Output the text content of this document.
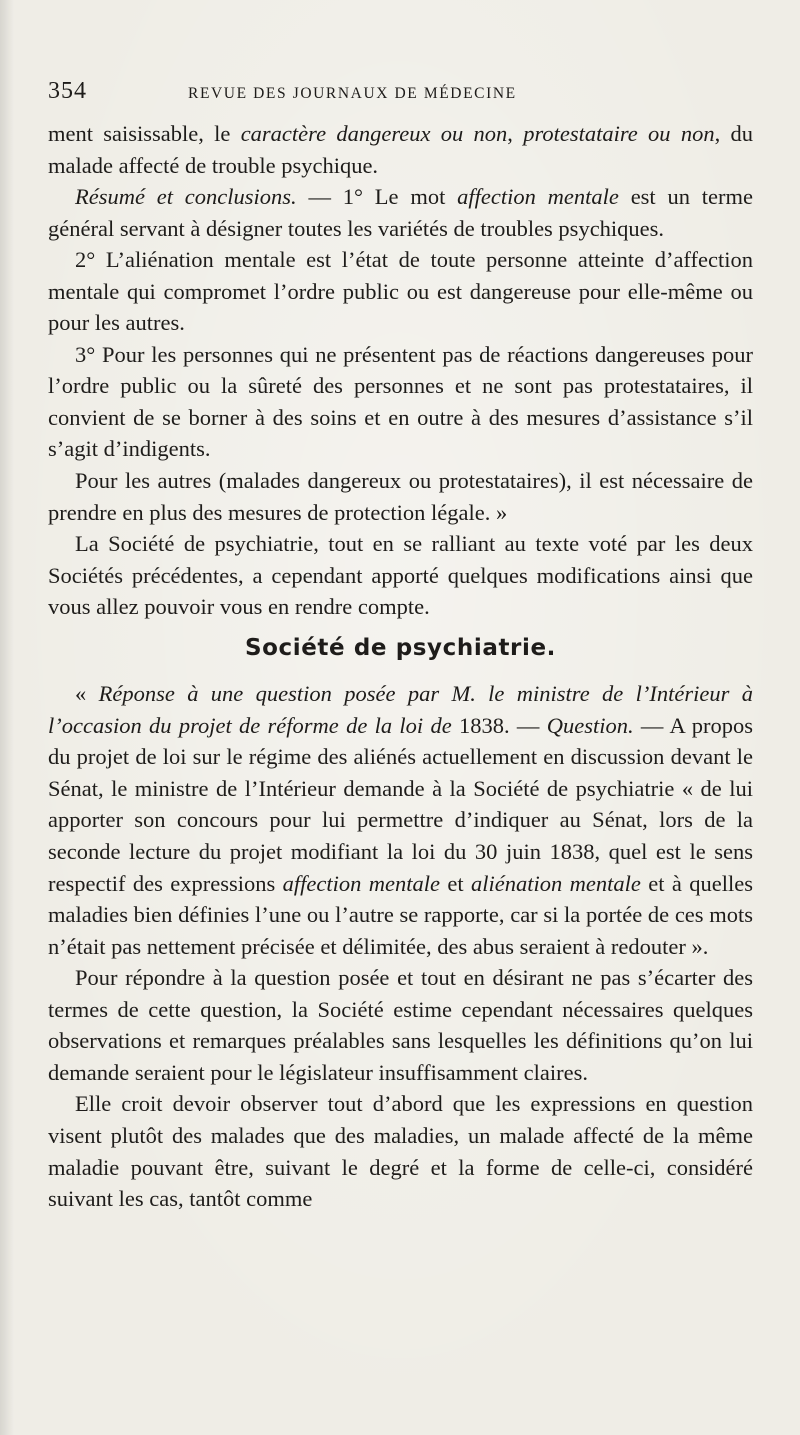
354	REVUE DES JOURNAUX DE MÉDECINE

ment saisissable, le caractère dangereux ou non, protestataire ou non, du malade affecté de trouble psychique.

Résumé et conclusions. — 1° Le mot affection mentale est un terme général servant à désigner toutes les variétés de troubles psychiques.

2° L’aliénation mentale est l’état de toute personne atteinte d’affection mentale qui compromet l’ordre public ou est dangereuse pour elle-même ou pour les autres.

3° Pour les personnes qui ne présentent pas de réactions dangereuses pour l’ordre public ou la sûreté des personnes et ne sont pas protestataires, il convient de se borner à des soins et en outre à des mesures d’assistance s’il s’agit d’indigents.

Pour les autres (malades dangereux ou protestataires), il est nécessaire de prendre en plus des mesures de protection légale. »

La Société de psychiatrie, tout en se ralliant au texte voté par les deux Sociétés précédentes, a cependant apporté quelques modifications ainsi que vous allez pouvoir vous en rendre compte.

Société de psychiatrie.

« Réponse à une question posée par M. le ministre de l’Intérieur à l’occasion du projet de réforme de la loi de 1838. — Question. — A propos du projet de loi sur le régime des aliénés actuellement en discussion devant le Sénat, le ministre de l’Intérieur demande à la Société de psychiatrie « de lui apporter son concours pour lui permettre d’indiquer au Sénat, lors de la seconde lecture du projet modifiant la loi du 30 juin 1838, quel est le sens respectif des expressions affection mentale et aliénation mentale et à quelles maladies bien définies l’une ou l’autre se rapporte, car si la portée de ces mots n’était pas nettement précisée et délimitée, des abus seraient à redouter ».

Pour répondre à la question posée et tout en désirant ne pas s’écarter des termes de cette question, la Société estime cependant nécessaires quelques observations et remarques préalables sans lesquelles les définitions qu’on lui demande seraient pour le législateur insuffisamment claires.

Elle croit devoir observer tout d’abord que les expressions en question visent plutôt des malades que des maladies, un malade affecté de la même maladie pouvant être, suivant le degré et la forme de celle-ci, considéré suivant les cas, tantôt comme
